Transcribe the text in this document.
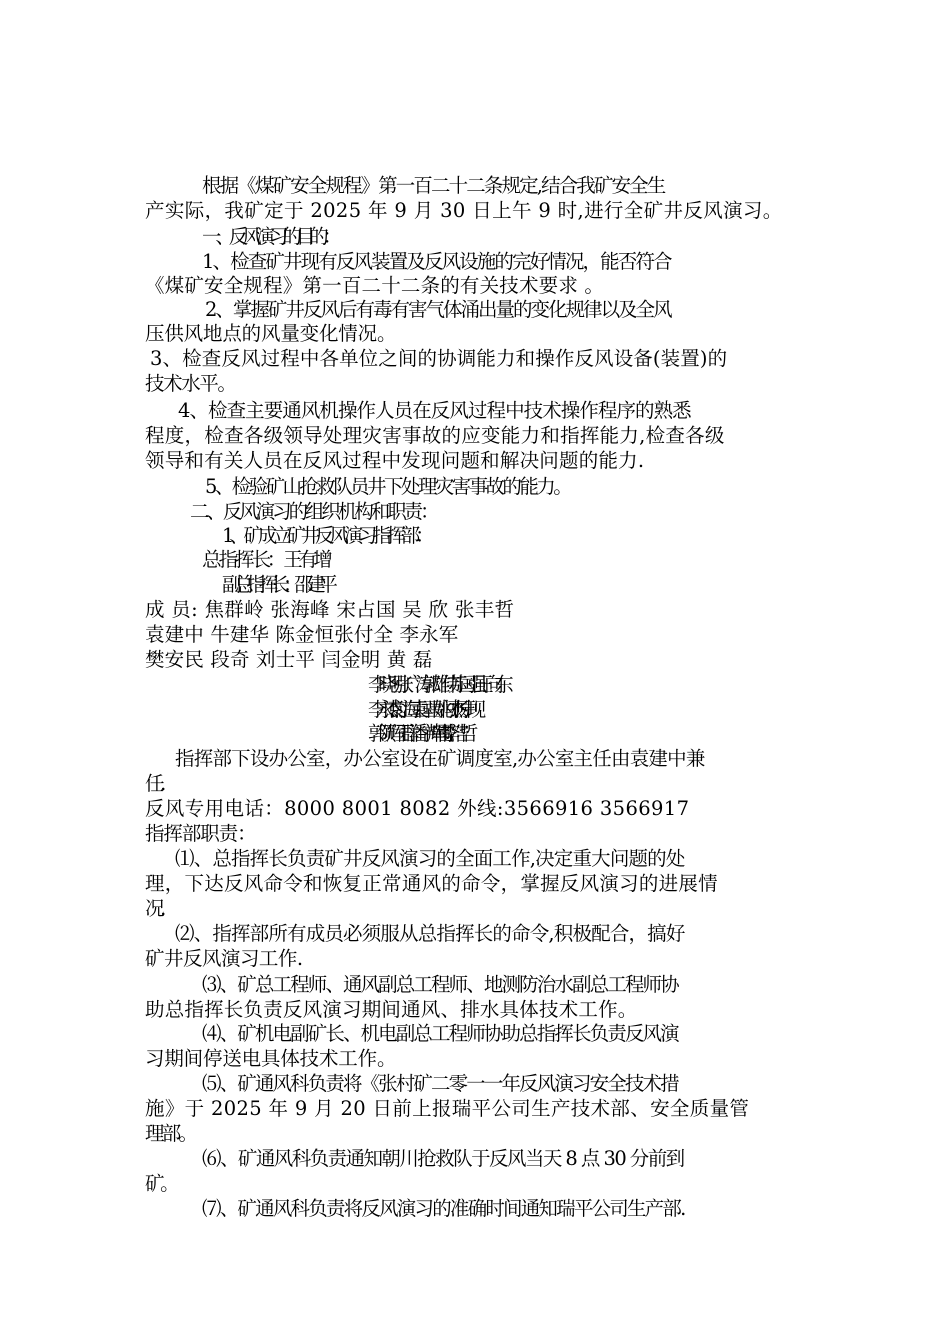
根据《煤矿安全规程》第一百二十二条规定,结合我矿安全生
产实际，我矿定于 2025 年 9 月 30 日上午 9 时,进行全矿井反风演习。
一、反风演习的目的：
1、检查矿井现有反风装置及反风设施的完好情况，能否符合
《煤矿安全规程》第一百二十二条的有关技术要求 。
2、掌握矿井反风后有毒有害气体涌出量的变化规律以及全风
压供风地点的风量变化情况。
3、检查反风过程中各单位之间的协调能力和操作反风设备(装置)的
技术水平。
4、检查主要通风机操作人员在反风过程中技术操作程序的熟悉
程度，检查各级领导处理灾害事故的应变能力和指挥能力,检查各级
领导和有关人员在反风过程中发现问题和解决问题的能力.
5、检验矿山抢救队员井下处理灾害事故的能力。
二、反风演习的组织机构和职责：
1、矿成立矿井反风演习指挥部：
总 指 挥 长： 王有增
副总指挥长： 邵建平
成 员: 焦群岭 张海峰 宋占国 吴 欣 张丰哲
袁建中 牛建华 陈金恒张付全 李永军
樊安民 段奇 刘士平 闫金明 黄 磊
李晓明 张广涛 郭雄伟 苏国强 王向东
李永杰 袁江海袁国昌姚闯杰 杨中现
郭领辉王 群潘宇辉 韩 雷 李浩哲
指挥部下设办公室，办公室设在矿调度室,办公室主任由袁建中兼
任.
反风专用电话：8000 8001 8082 外线:3566916 3566917
指挥部职责：
⑴、总指挥长负责矿井反风演习的全面工作,决定重大问题的处
理，下达反风命令和恢复正常通风的命令，掌握反风演习的进展情
况.
⑵、指挥部所有成员必须服从总指挥长的命令,积极配合，搞好
矿井反风演习工作.
⑶、矿总工程师、通风副总工程师、地测防治水副总工程师协
助总指挥长负责反风演习期间通风、排水具体技术工作。
⑷、矿机电副矿长、机电副总工程师协助总指挥长负责反风演
习期间停送电具体技术工作。
⑸、矿通风科负责将《张村矿二零一一年反风演习安全技术措
施》于 2025 年 9 月 20 日前上报瑞平公司生产技术部、安全质量管
理部。
⑹、矿通风科负责通知朝川抢救队于反风当天 8 点 30 分前到
矿。
⑺、矿通风科负责将反风演习的准确时间通知瑞平公司生产部.
